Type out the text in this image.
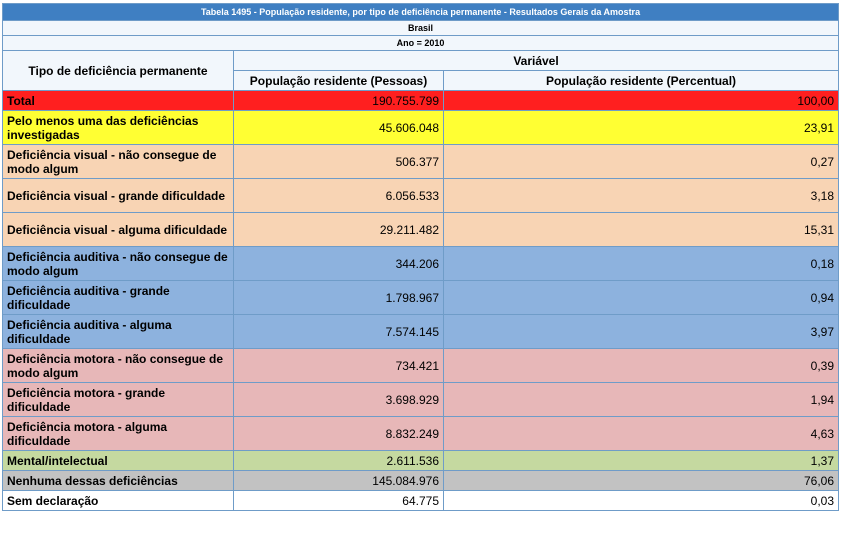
Tabela 1495 - População residente, por tipo de deficiência permanente - Resultados Gerais da Amostra		
Brasil		
Ano = 2010		
Tipo de deficiência permanente	Variável	
	População residente (Pessoas)	População residente (Percentual)
Total	190.755.799	100,00
Pelo menos uma das deficiências investigadas	45.606.048	23,91
Deficiência visual - não consegue de modo algum	506.377	0,27
Deficiência visual - grande dificuldade	6.056.533	3,18
Deficiência visual - alguma dificuldade	29.211.482	15,31
Deficiência auditiva - não consegue de modo algum	344.206	0,18
Deficiência auditiva - grande dificuldade	1.798.967	0,94
Deficiência auditiva - alguma dificuldade	7.574.145	3,97
Deficiência motora - não consegue de modo algum	734.421	0,39
Deficiência motora - grande dificuldade	3.698.929	1,94
Deficiência motora - alguma dificuldade	8.832.249	4,63
Mental/intelectual	2.611.536	1,37
Nenhuma dessas deficiências	145.084.976	76,06
Sem declaração	64.775	0,03
